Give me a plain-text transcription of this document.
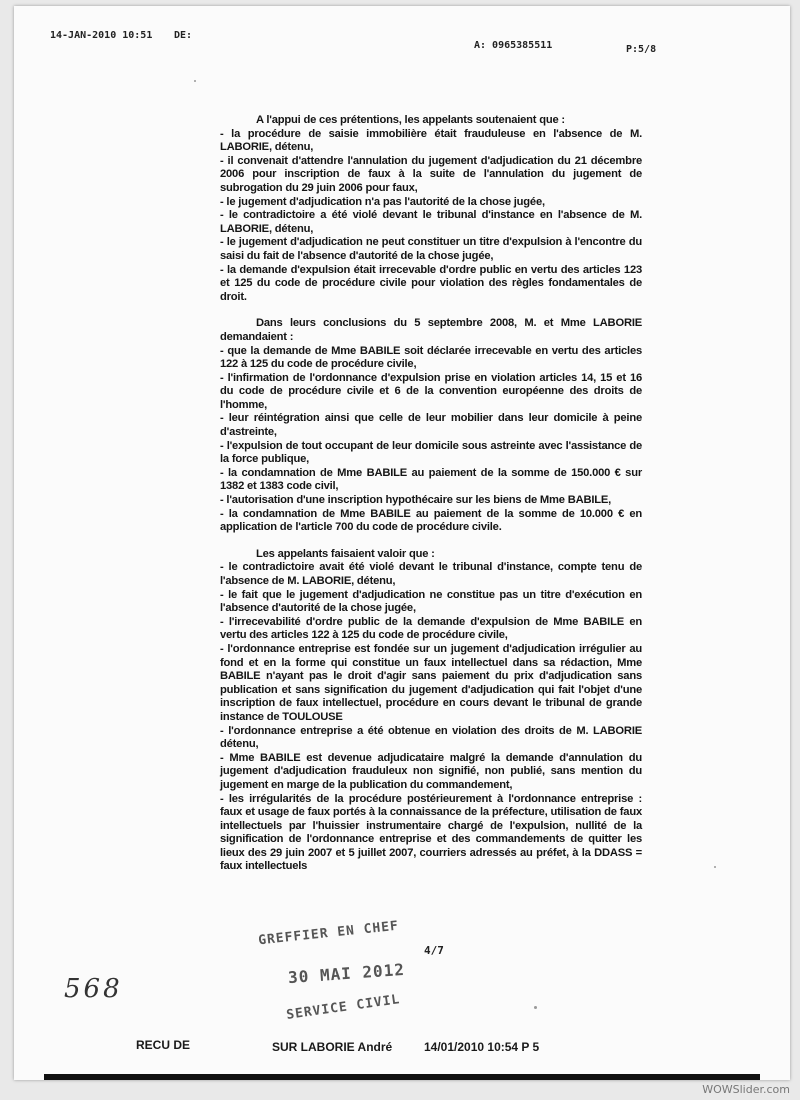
14-JAN-2010 10:51 DE:
A: 0965385511	P:5/8
A l'appui de ces prétentions, les appelants soutenaient que :
- la procédure de saisie immobilière était frauduleuse en l'absence de M. LABORIE, détenu,
- il convenait d'attendre l'annulation du jugement d'adjudication du 21 décembre 2006 pour inscription de faux à la suite de l'annulation du jugement de subrogation du 29 juin 2006 pour faux,
- le jugement d'adjudication n'a pas l'autorité de la chose jugée,
- le contradictoire a été violé devant le tribunal d'instance en l'absence de M. LABORIE, détenu,
- le jugement d'adjudication ne peut constituer un titre d'expulsion à l'encontre du saisi du fait de l'absence d'autorité de la chose jugée,
- la demande d'expulsion était irrecevable d'ordre public en vertu des articles 123 et 125 du code de procédure civile pour violation des règles fondamentales de droit.
Dans leurs conclusions du 5 septembre 2008, M. et Mme LABORIE demandaient :
- que la demande de Mme BABILE soit déclarée irrecevable en vertu des articles 122 à 125 du code de procédure civile,
- l'infirmation de l'ordonnance d'expulsion prise en violation articles 14, 15 et 16 du code de procédure civile et 6 de la convention européenne des droits de l'homme,
- leur réintégration ainsi que celle de leur mobilier dans leur domicile à peine d'astreinte,
- l'expulsion de tout occupant de leur domicile sous astreinte avec l'assistance de la force publique,
- la condamnation de Mme BABILE au paiement de la somme de 150.000 € sur 1382 et 1383 code civil,
- l'autorisation d'une inscription hypothécaire sur les biens de Mme BABILE,
- la condamnation de Mme BABILE au paiement de la somme de 10.000 € en application de l'article 700 du code de procédure civile.
Les appelants faisaient valoir que :
- le contradictoire avait été violé devant le tribunal d'instance, compte tenu de l'absence de M. LABORIE, détenu,
- le fait que le jugement d'adjudication ne constitue pas un titre d'exécution en l'absence d'autorité de la chose jugée,
- l'irrecevabilité d'ordre public de la demande d'expulsion de Mme BABILE en vertu des articles 122 à 125 du code de procédure civile,
- l'ordonnance entreprise est fondée sur un jugement d'adjudication irrégulier au fond et en la forme qui constitue un faux intellectuel dans sa rédaction, Mme BABILE n'ayant pas le droit d'agir sans paiement du prix d'adjudication sans publication et sans signification du jugement d'adjudication qui fait l'objet d'une inscription de faux intellectuel, procédure en cours devant le tribunal de grande instance de TOULOUSE
- l'ordonnance entreprise a été obtenue en violation des droits de M. LABORIE détenu,
- Mme BABILE est devenue adjudicataire malgré la demande d'annulation du jugement d'adjudication frauduleux non signifié, non publié, sans mention du jugement en marge de la publication du commandement,
- les irrégularités de la procédure postérieurement à l'ordonnance entreprise : faux et usage de faux portés à la connaissance de la préfecture, utilisation de faux intellectuels par l'huissier instrumentaire chargé de l'expulsion, nullité de la signification de l'ordonnance entreprise et des commandements de quitter les lieux des 29 juin 2007 et 5 juillet 2007, courriers adressés au préfet, à la DDASS = faux intellectuels
GREFFIER EN CHEF
4/7
30 MAI 2012
SERVICE CIVIL
568
RECU DE	SUR LABORIE André	14/01/2010 10:54 P 5
WOWSlider.com
